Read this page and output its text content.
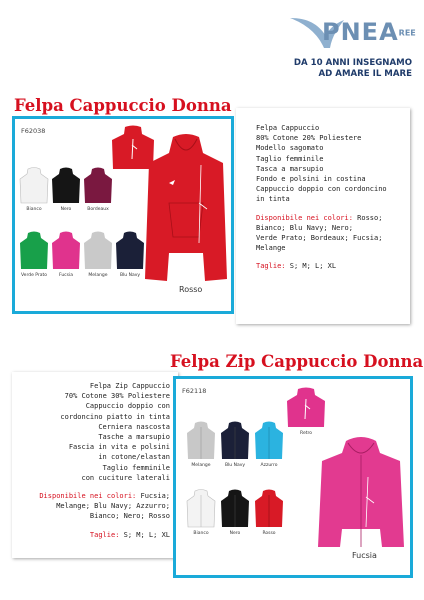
PNEAREE
DA 10 ANNI INSEGNAMO
AD AMARE IL MARE
Felpa Cappuccio Donna
F62038
Bianco	Nero	Bordeaux
Verde Prato	Fucsia	Melange	Blu Navy
Rosso
Felpa Cappuccio
80% Cotone 20% Poliestere
Modello sagomato
Taglio femminile
Tasca a marsupio
Fondo e polsini in costina
Cappuccio doppio con cordoncino
in tinta
Disponibile nei colori: Rosso;
Bianco; Blu Navy; Nero;
Verde Prato; Bordeaux; Fucsia;
Melange
Taglie: S; M; L; XL
Felpa Zip Cappuccio Donna
Felpa Zip Cappuccio
70% Cotone 30% Poliestere
Cappuccio doppio con
cordoncino piatto in tinta
Cerniera nascosta
Tasche a marsupio
Fascia in vita e polsini
in cotone/elastan
Taglio femminile
con cuciture laterali
Disponibile nei colori: Fucsia;
Melange; Blu Navy; Azzurro;
Bianco; Nero; Rosso
Taglie: S; M; L; XL
F62118
Melange	Blu Navy	Azzurro
Bianco	Nero	Rosso
Retro
Fucsia
